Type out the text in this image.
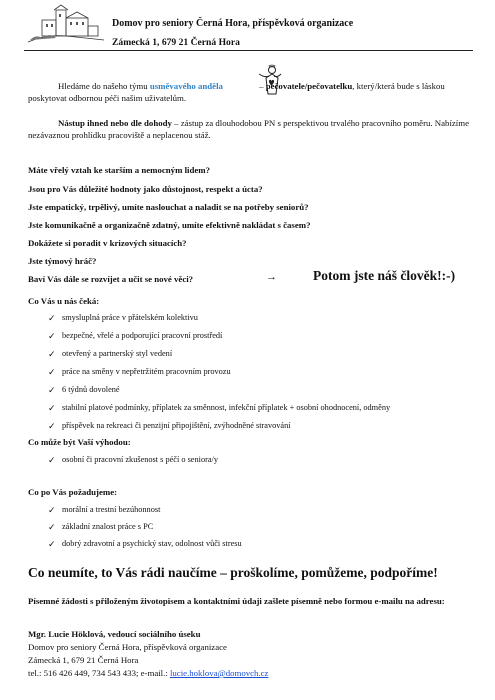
Domov pro seniory Černá Hora, příspěvková organizace
Zámecká 1, 679 21 Černá Hora
Hledáme do našeho týmu usměvavého anděla	– pečovatele/pečovatelku, který/která bude s láskou poskytovat odbornou péči našim uživatelům.
Nástup ihned nebo dle dohody – zástup za dlouhodobou PN s perspektivou trvalého pracovního poměru. Nabízíme nezávaznou prohlídku pracoviště a neplacenou stáž.
Máte vřelý vztah ke starším a nemocným lidem?
Jsou pro Vás důležité hodnoty jako důstojnost, respekt a úcta?
Jste empatický, trpělivý, umíte naslouchat a naladit se na potřeby seniorů?
Jste komunikačně a organizačně zdatný, umíte efektivně nakládat s časem?
Dokážete si poradit v krizových situacích?
Jste týmový hráč?
Baví Vás dále se rozvíjet a učit se nové věci?	→	Potom jste náš člověk!:-)
Co Vás u nás čeká:
✓ smysluplná práce v přátelském kolektivu
✓ bezpečné, vřelé a podporující pracovní prostředí
✓ otevřený a partnerský styl vedení
✓ práce na směny v nepřetržitém pracovním provozu
✓ 6 týdnů dovolené
✓ stabilní platové podmínky, příplatek za směnnost, infekční příplatek + osobní ohodnocení, odměny
✓ příspěvek na rekreaci či penzijní připojištění, zvýhodněné stravování
Co může být Vaší výhodou:
✓ osobní či pracovní zkušenost s péčí o seniora/y
Co po Vás požadujeme:
✓ morální a trestní bezúhonnost
✓ základní znalost práce s PC
✓ dobrý zdravotní a psychický stav, odolnost vůči stresu
Co neumíte, to Vás rádi naučíme – proškolíme, pomůžeme, podpoříme!
Písemné žádosti s přiloženým životopisem a kontaktními údaji zašlete písemně nebo formou e-mailu na adresu:
Mgr. Lucie Höklová, vedoucí sociálního úseku
Domov pro seniory Černá Hora, příspěvková organizace
Zámecká 1, 679 21 Černá Hora
tel.: 516 426 449, 734 543 433; e-mail.: lucie.hoklova@domovch.cz
